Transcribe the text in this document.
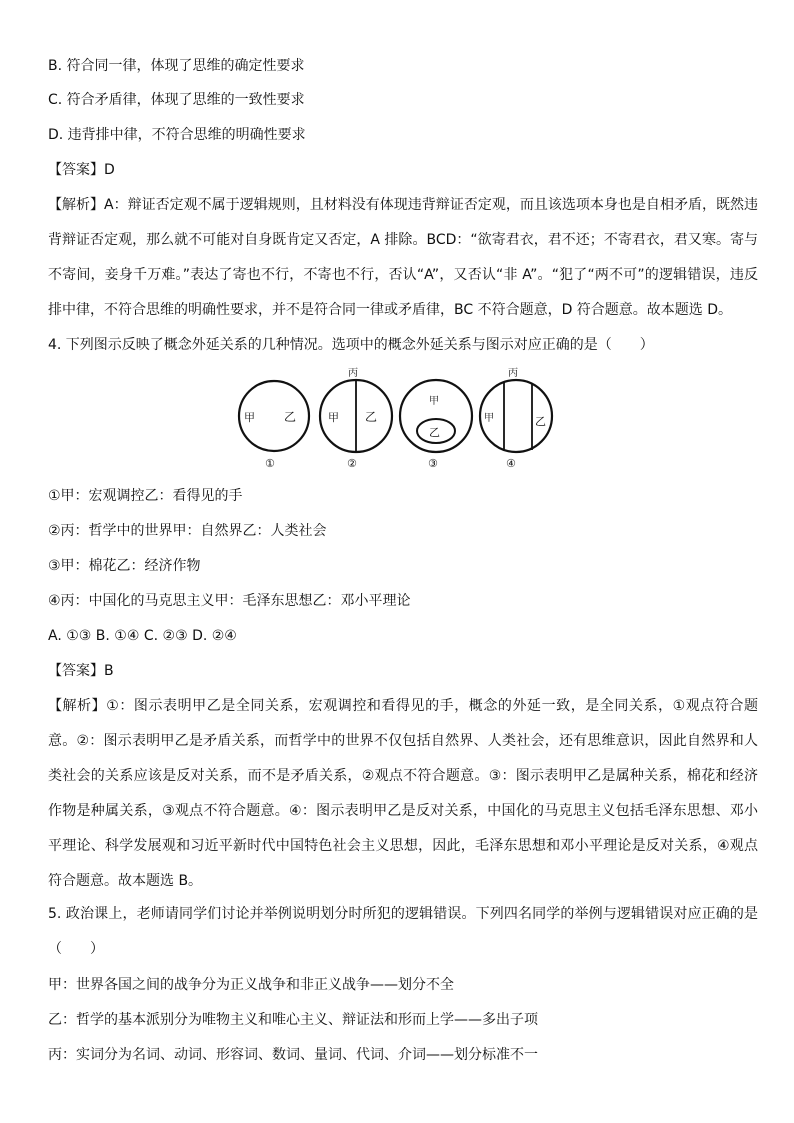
B. 符合同一律，体现了思维的确定性要求
C. 符合矛盾律，体现了思维的一致性要求
D. 违背排中律，不符合思维的明确性要求
【答案】D
【解析】A：辩证否定观不属于逻辑规则，且材料没有体现违背辩证否定观，而且该选项本身也是自相矛盾，既然违背辩证否定观，那么就不可能对自身既肯定又否定，A 排除。BCD：“欲寄君衣，君不还；不寄君衣，君又寒。寄与不寄间，妾身千万难。”表达了寄也不行，不寄也不行，否认“A”，又否认“非 A”。“犯了“两不可”的逻辑错误，违反排中律，不符合思维的明确性要求，并不是符合同一律或矛盾律，BC 不符合题意，D 符合题意。故本题选 D。
4. 下列图示反映了概念外延关系的几种情况。选项中的概念外延关系与图示对应正确的是（　　）
甲 乙
①
丙
甲 乙
②
甲
乙
③
丙
甲	乙
④
①甲：宏观调控乙：看得见的手
②丙：哲学中的世界甲：自然界乙：人类社会
③甲：棉花乙：经济作物
④丙：中国化的马克思主义甲：毛泽东思想乙：邓小平理论
A. ①③ B. ①④ C. ②③ D. ②④
【答案】B
【解析】①：图示表明甲乙是全同关系，宏观调控和看得见的手，概念的外延一致，是全同关系，①观点符合题意。②：图示表明甲乙是矛盾关系，而哲学中的世界不仅包括自然界、人类社会，还有思维意识，因此自然界和人类社会的关系应该是反对关系，而不是矛盾关系，②观点不符合题意。③：图示表明甲乙是属种关系，棉花和经济作物是种属关系，③观点不符合题意。④：图示表明甲乙是反对关系，中国化的马克思主义包括毛泽东思想、邓小平理论、科学发展观和习近平新时代中国特色社会主义思想，因此，毛泽东思想和邓小平理论是反对关系，④观点符合题意。故本题选 B。
5. 政治课上，老师请同学们讨论并举例说明划分时所犯的逻辑错误。下列四名同学的举例与逻辑错误对应正确的是（　　）
甲：世界各国之间的战争分为正义战争和非正义战争——划分不全
乙：哲学的基本派别分为唯物主义和唯心主义、辩证法和形而上学——多出子项
丙：实词分为名词、动词、形容词、数词、量词、代词、介词——划分标准不一
